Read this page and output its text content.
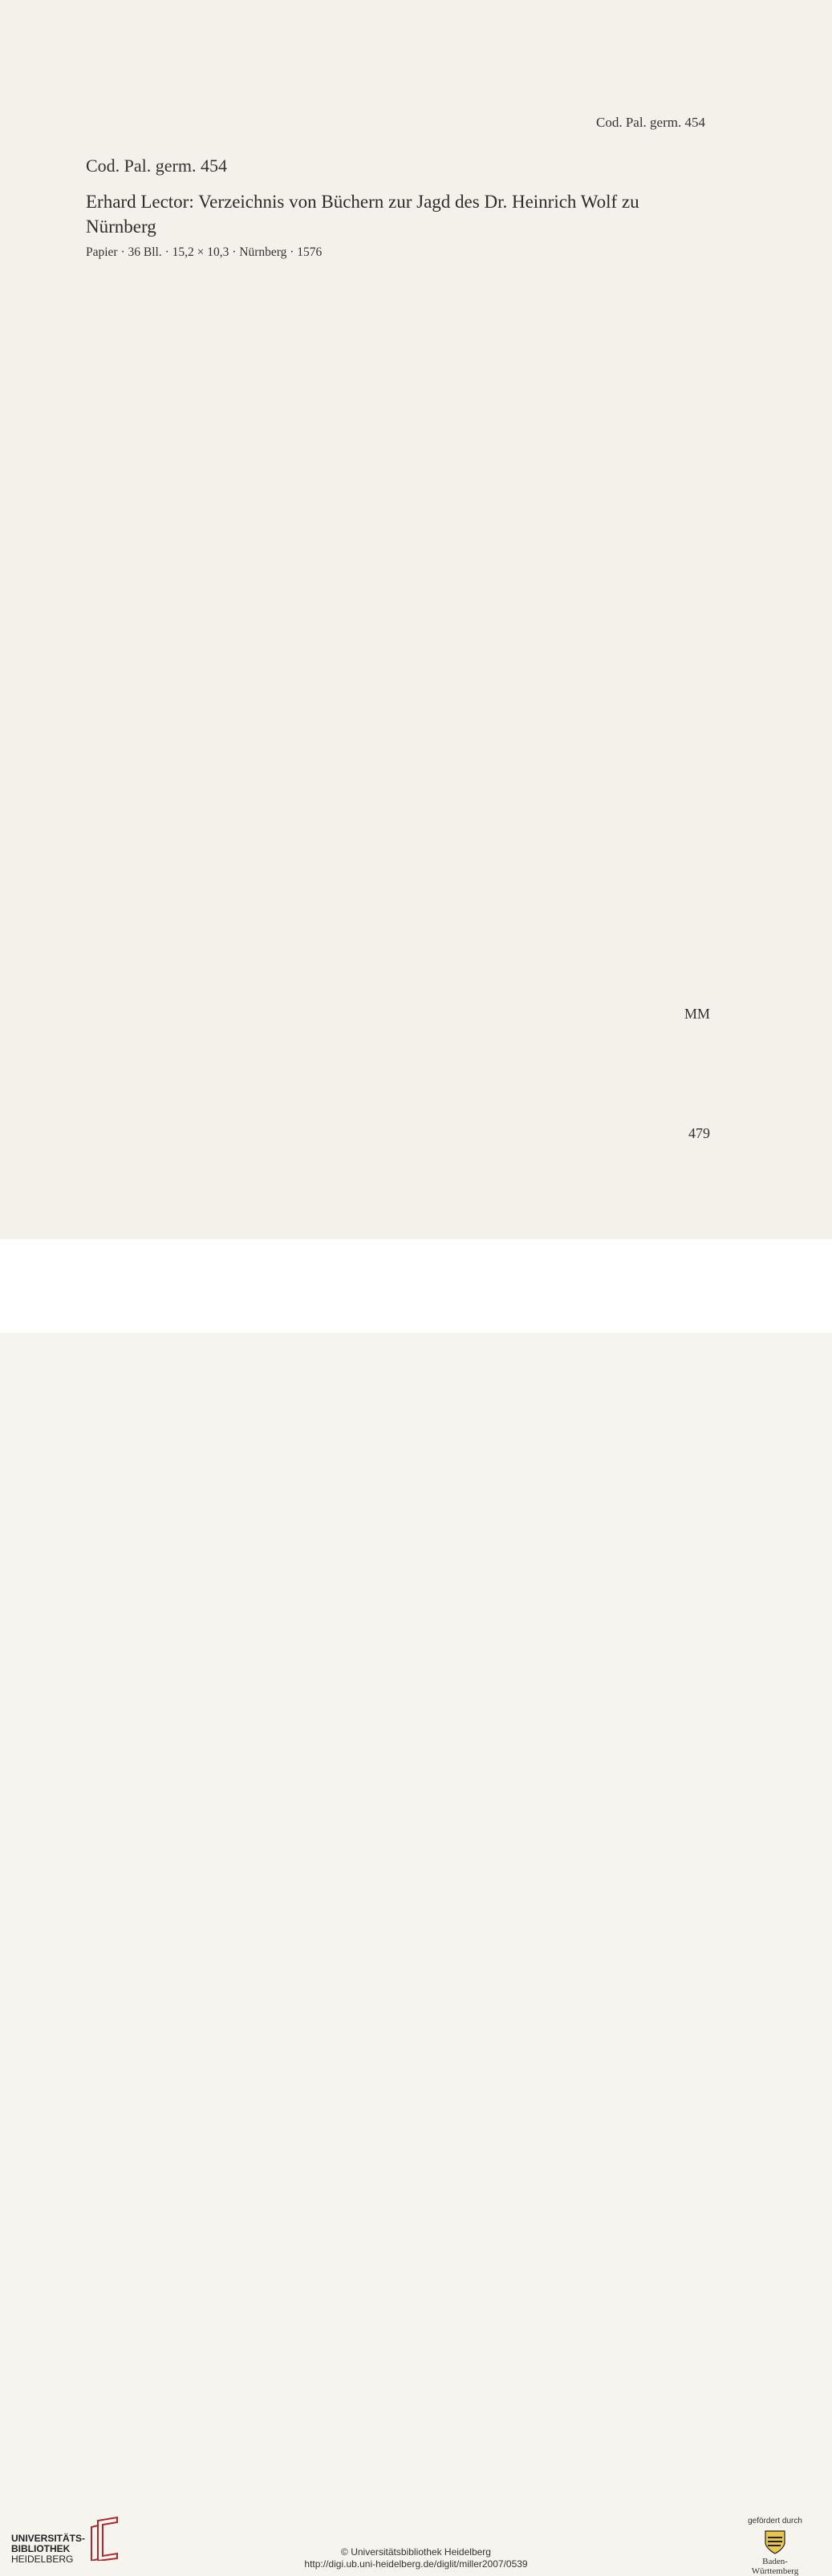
Cod. Pal. germ. 454
Cod. Pal. germ. 454
Erhard Lector: Verzeichnis von Büchern zur Jagd des Dr. Heinrich Wolf zu Nürnberg
Papier · 36 Bll. · 15,2 × 10,3 · Nürnberg · 1576
MM
479
UNIVERSITÄTS-
BIBLIOTHEK
HEIDELBERG
© Universitätsbibliothek Heidelberg
http://digi.ub.uni-heidelberg.de/diglit/miller2007/0539
gefördert durch
Baden-Württemberg
